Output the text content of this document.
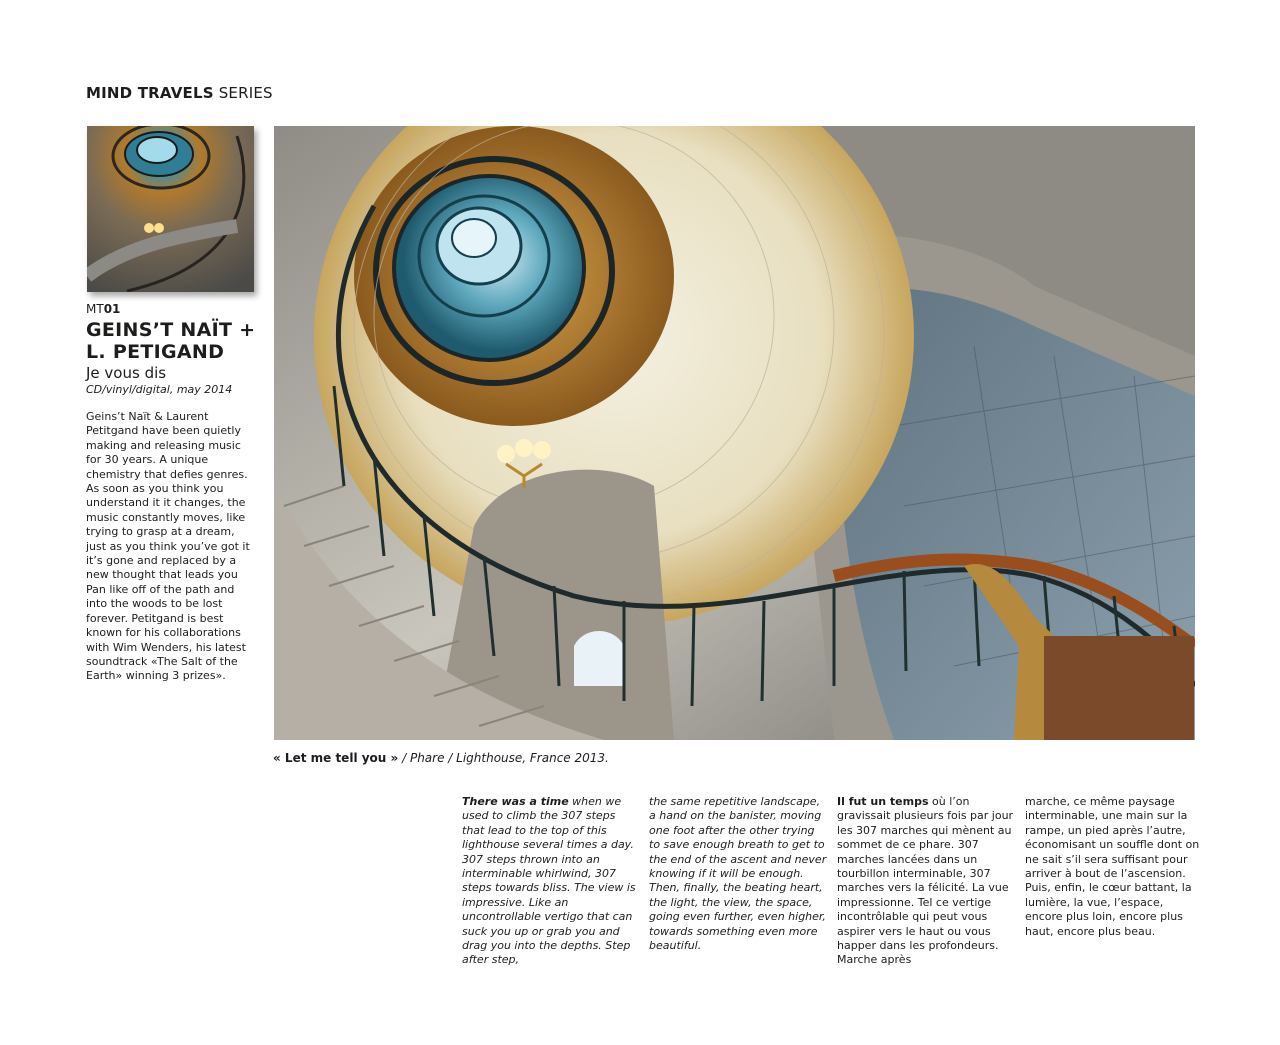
MIND TRAVELS SERIES
MT01
GEINS’T NAÏT +
L. PETIGAND
Je vous dis
CD/vinyl/digital, may 2014
Geins’t Naït & Laurent Petitgand have been quietly making and releasing music for 30 years. A unique chemistry that defies genres. As soon as you think you understand it it changes, the music constantly moves, like trying to grasp at a dream, just as you think you’ve got it it’s gone and replaced by a new thought that leads you Pan like off of the path and into the woods to be lost forever. Petitgand is best known for his collaborations with Wim Wenders, his latest soundtrack «The Salt of the Earth» winning 3 prizes».
« Let me tell you » / Phare / Lighthouse, France 2013.
There was a time when we used to climb the 307 steps that lead to the top of this lighthouse several times a day. 307 steps thrown into an interminable whirlwind, 307 steps towards bliss. The view is impressive. Like an uncontrollable vertigo that can suck you up or grab you and drag you into the depths. Step after step,
the same repetitive landscape, a hand on the banister, moving one foot after the other trying to save enough breath to get to the end of the ascent and never knowing if it will be enough. Then, finally, the beating heart, the light, the view, the space, going even further, even higher, towards something even more beautiful.
Il fut un temps où l’on gravissait plusieurs fois par jour les 307 marches qui mènent au sommet de ce phare. 307 marches lancées dans un tourbillon interminable, 307 marches vers la félicité. La vue impressionne. Tel ce vertige incontrôlable qui peut vous aspirer vers le haut ou vous happer dans les profondeurs. Marche après
marche, ce même paysage interminable, une main sur la rampe, un pied après l’autre, économisant un souffle dont on ne sait s’il sera suffisant pour arriver à bout de l’ascension. Puis, enfin, le cœur battant, la lumière, la vue, l’espace, encore plus loin, encore plus haut, encore plus beau.
